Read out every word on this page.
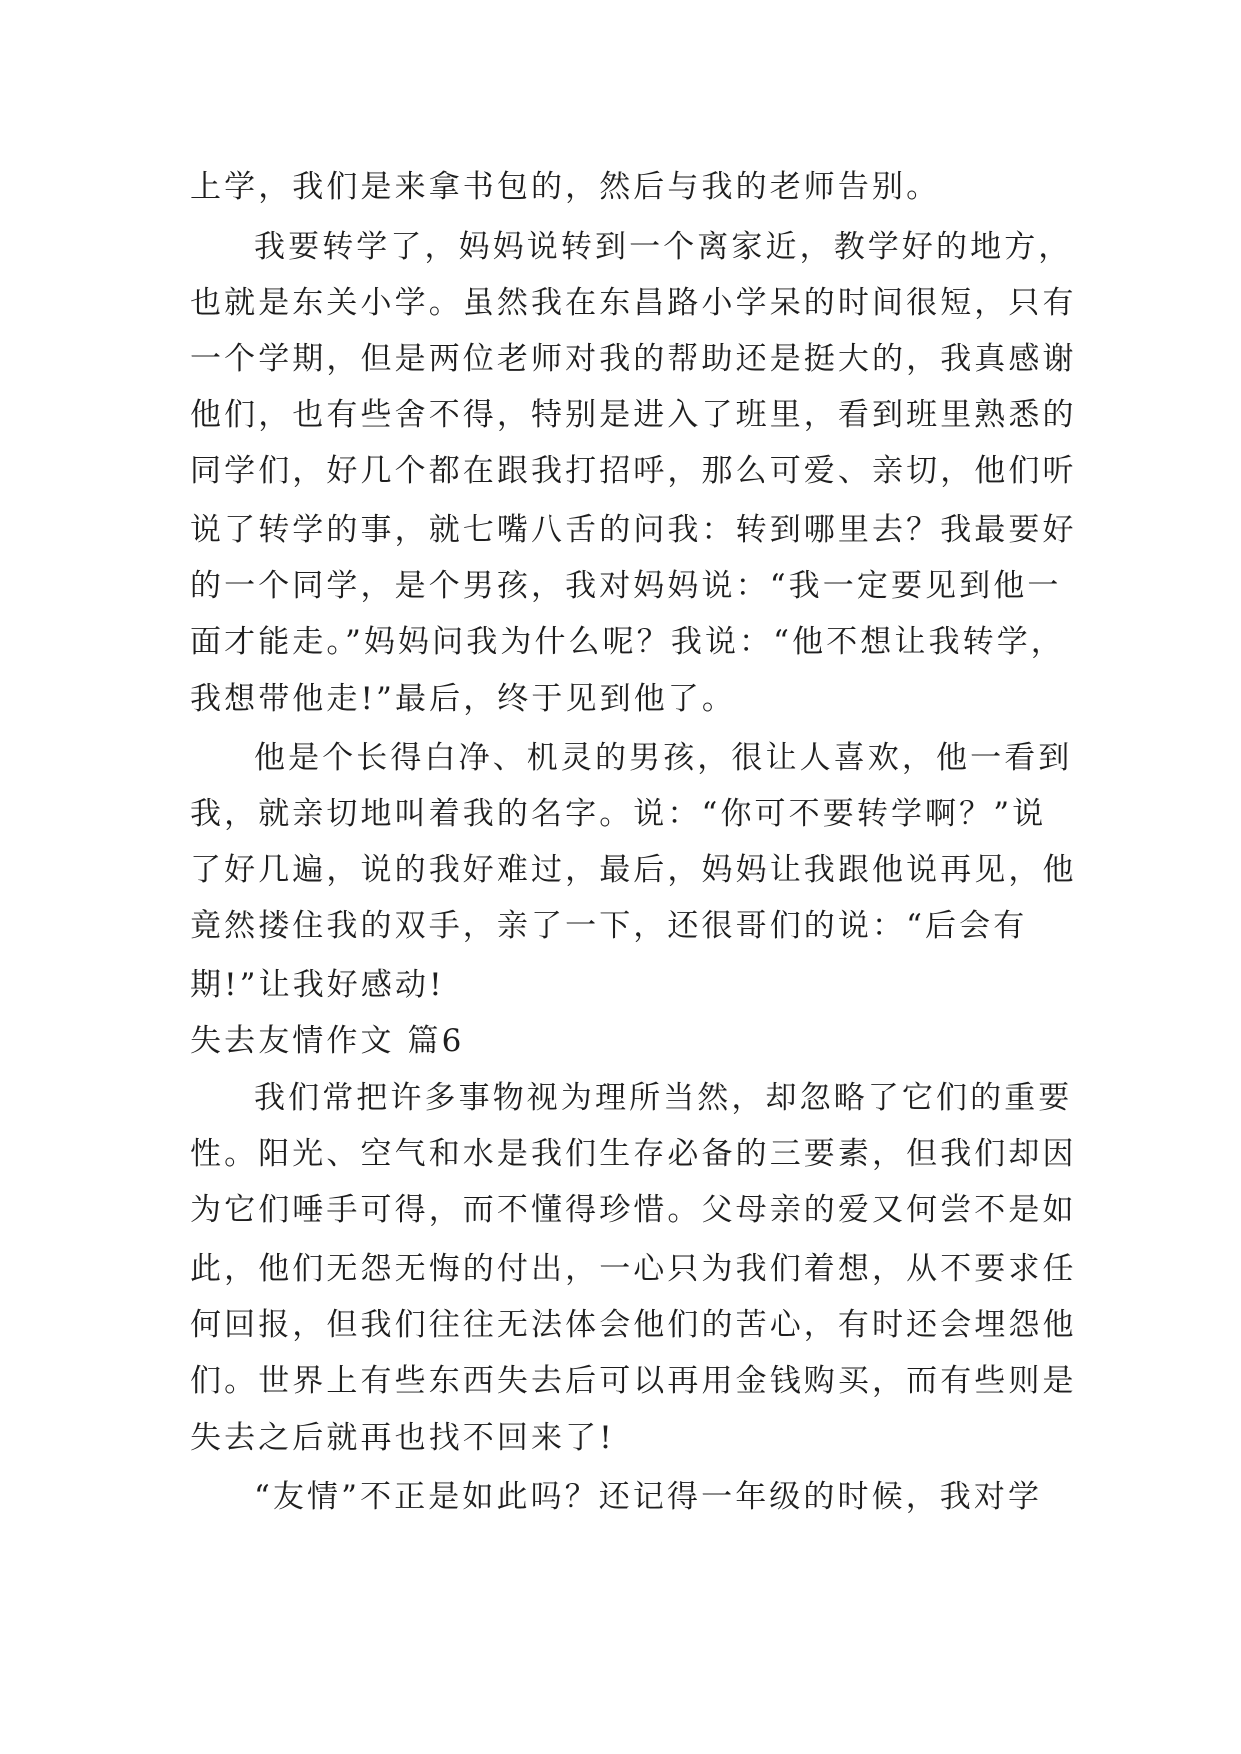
上学，我们是来拿书包的，然后与我的老师告别。
我要转学了，妈妈说转到一个离家近，教学好的地方，
也就是东关小学。虽然我在东昌路小学呆的时间很短，只有
一个学期，但是两位老师对我的帮助还是挺大的，我真感谢
他们，也有些舍不得，特别是进入了班里，看到班里熟悉的
同学们，好几个都在跟我打招呼，那么可爱、亲切，他们听
说了转学的事，就七嘴八舌的问我：转到哪里去？我最要好
的一个同学，是个男孩，我对妈妈说：“我一定要见到他一
面才能走。”妈妈问我为什么呢？我说：“他不想让我转学，
我想带他走!”最后，终于见到他了。
他是个长得白净、机灵的男孩，很让人喜欢，他一看到
我，就亲切地叫着我的名字。说：“你可不要转学啊？”说
了好几遍，说的我好难过，最后，妈妈让我跟他说再见，他
竟然搂住我的双手，亲了一下，还很哥们的说：“后会有
期!”让我好感动!
失去友情作文 篇6
我们常把许多事物视为理所当然，却忽略了它们的重要
性。阳光、空气和水是我们生存必备的三要素，但我们却因
为它们唾手可得，而不懂得珍惜。父母亲的爱又何尝不是如
此，他们无怨无悔的付出，一心只为我们着想，从不要求任
何回报，但我们往往无法体会他们的苦心，有时还会埋怨他
们。世界上有些东西失去后可以再用金钱购买，而有些则是
失去之后就再也找不回来了!
“友情”不正是如此吗？还记得一年级的时候，我对学
